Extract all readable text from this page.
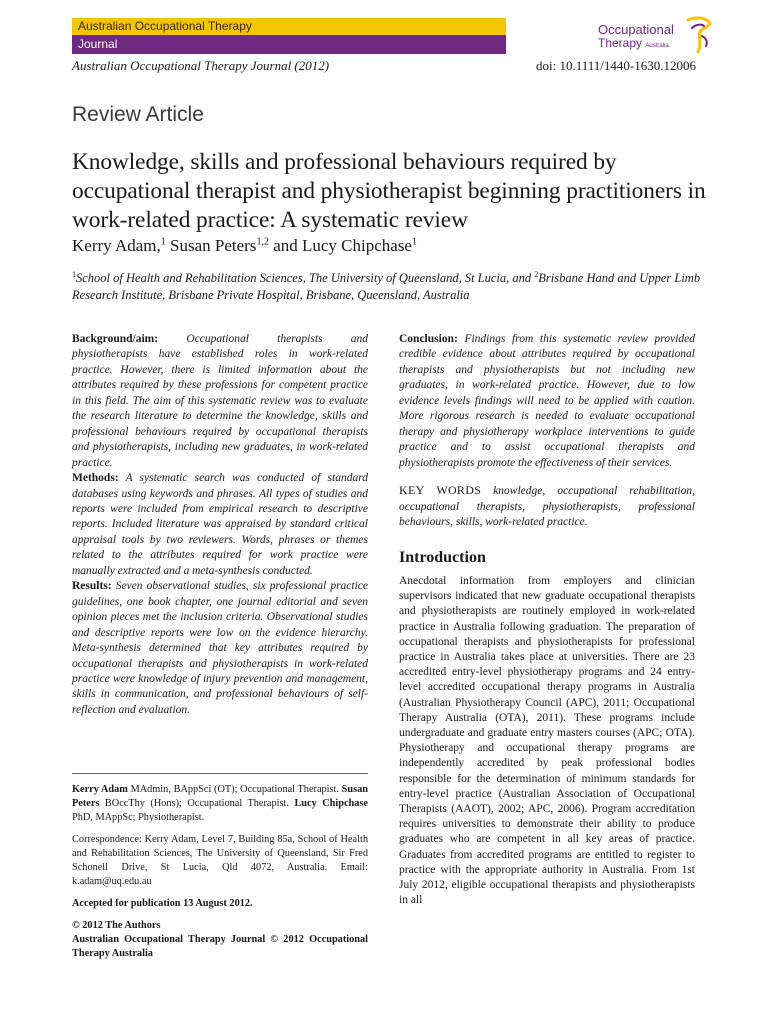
Australian Occupational Therapy
Journal
Occupational
Therapy Australia
Australian Occupational Therapy Journal (2012)	doi: 10.1111/1440-1630.12006
Review Article
Knowledge, skills and professional behaviours required by occupational therapist and physiotherapist beginning practitioners in work-related practice: A systematic review
Kerry Adam,$^1$ Susan Peters$^{1,2}$ and Lucy Chipchase$^1$
$^1$School of Health and Rehabilitation Sciences, The University of Queensland, St Lucia, and $^2$Brisbane Hand and Upper Limb Research Institute, Brisbane Private Hospital, Brisbane, Queensland, Australia

Background/aim: Occupational therapists and physiotherapists have established roles in work-related practice. However, there is limited information about the attributes required by these professions for competent practice in this field. The aim of this systematic review was to evaluate the research literature to determine the knowledge, skills and professional behaviours required by occupational therapists and physiotherapists, including new graduates, in work-related practice.

Methods: A systematic search was conducted of standard databases using keywords and phrases. All types of studies and reports were included from empirical research to descriptive reports. Included literature was appraised by standard critical appraisal tools by two reviewers. Words, phrases or themes related to the attributes required for work practice were manually extracted and a meta-synthesis conducted.

Results: Seven observational studies, six professional practice guidelines, one book chapter, one journal editorial and seven opinion pieces met the inclusion criteria. Observational studies and descriptive reports were low on the evidence hierarchy. Meta-synthesis determined that key attributes required by occupational therapists and physiotherapists in work-related practice were knowledge of injury prevention and management, skills in communication, and professional behaviours of self-reflection and evaluation.

Kerry Adam MAdmin, BAppSci (OT); Occupational Therapist. Susan Peters BOccThy (Hons); Occupational Therapist. Lucy Chipchase PhD, MAppSc; Physiotherapist.

Correspondence: Kerry Adam, Level 7, Building 85a, School of Health and Rehabilitation Sciences, The University of Queensland, Sir Fred Schonell Drive, St Lucia, Qld 4072, Australia. Email: k.adam@uq.edu.au

Accepted for publication 13 August 2012.

© 2012 The Authors
Australian Occupational Therapy Journal © 2012 Occupational Therapy Australia

Conclusion: Findings from this systematic review provided credible evidence about attributes required by occupational therapists and physiotherapists but not including new graduates, in work-related practice. However, due to low evidence levels findings will need to be applied with caution. More rigorous research is needed to evaluate occupational therapy and physiotherapy workplace interventions to guide practice and to assist occupational therapists and physiotherapists promote the effectiveness of their services.

KEY WORDS knowledge, occupational rehabilitation, occupational therapists, physiotherapists, professional behaviours, skills, work-related practice.

Introduction

Anecdotal information from employers and clinician supervisors indicated that new graduate occupational therapists and physiotherapists are routinely employed in work-related practice in Australia following graduation. The preparation of occupational therapists and physiotherapists for professional practice in Australia takes place at universities. There are 23 accredited entry-level physiotherapy programs and 24 entry-level accredited occupational therapy programs in Australia (Australian Physiotherapy Council (APC), 2011; Occupational Therapy Australia (OTA), 2011). These programs include undergraduate and graduate entry masters courses (APC; OTA). Physiotherapy and occupational therapy programs are independently accredited by peak professional bodies responsible for the determination of minimum standards for entry-level practice (Australian Association of Occupational Therapists (AAOT), 2002; APC, 2006). Program accreditation requires universities to demonstrate their ability to produce graduates who are competent in all key areas of practice. Graduates from accredited programs are entitled to register to practice with the appropriate authority in Australia. From 1st July 2012, eligible occupational therapists and physiotherapists in all
